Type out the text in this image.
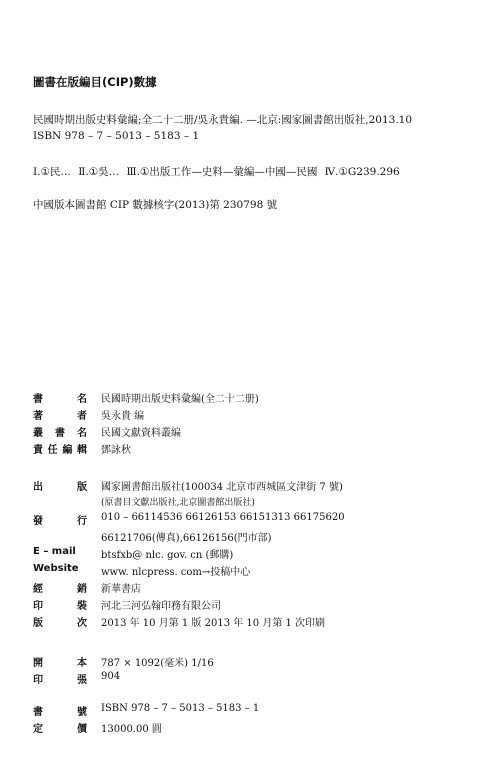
圖書在版編目(CIP)數據
民國時期出版史料彙編;全二十二册/吳永貴編. —北京:國家圖書館出版社,2013.10
ISBN 978 – 7 – 5013 – 5183 – 1
Ⅰ.①民… Ⅱ.①吳… Ⅲ.①出版工作—史料—彙編—中國—民國 Ⅳ.①G239.296
中國版本圖書館 CIP 數據核字(2013)第 230798 號
書	名 民國時期出版史料彙編(全二十二册)
著	者 吳永貴 编
叢 書 名 民國文獻資料叢编
責 任 編 輯 鄧詠秋
出	版 國家圖書館出版社(100034 北京市西城區文津街 7 號)
(原書目文獻出版社,北京圖書館出版社)
發	行 010 – 66114536 66126153 66151313 66175620
66121706(傳真),66126156(門市部)
E – mail	btsfxb@ nlc. gov. cn (郵購)
Website	www. nlcpress. com→投稿中心
經	銷 新華書店
印	裝 河北三河弘翰印務有限公司
版	次 2013 年 10 月第 1 版 2013 年 10 月第 1 次印刷
開	本 787 × 1092(毫米) 1/16
印	張 904
書	號 ISBN 978 – 7 – 5013 – 5183 – 1
定	價 13000.00 圓
